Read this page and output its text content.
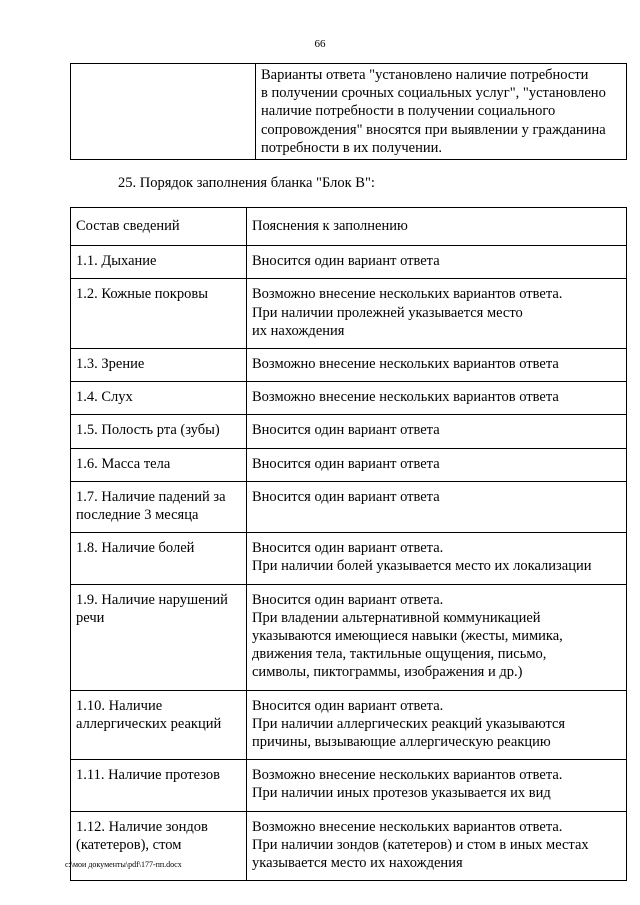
66

Варианты ответа "установлено наличие потребности
в получении срочных социальных услуг", "установлено
наличие потребности в получении социального
сопровождения" вносятся при выявлении у гражданина
потребности в их получении.
25. Порядок заполнения бланка "Блок В":
Состав сведений	Пояснения к заполнению

1.1. Дыхание	Вносится один вариант ответа

1.2. Кожные покровы	Возможно внесение нескольких вариантов ответа.
При наличии пролежней указывается место
их нахождения

1.3. Зрение	Возможно внесение нескольких вариантов ответа

1.4. Слух	Возможно внесение нескольких вариантов ответа

1.5. Полость рта (зубы)	Вносится один вариант ответа

1.6. Масса тела	Вносится один вариант ответа

1.7. Наличие падений за
последние 3 месяца	Вносится один вариант ответа

1.8. Наличие болей	Вносится один вариант ответа.
При наличии болей указывается место их локализации

1.9. Наличие нарушений
речи	Вносится один вариант ответа.
При владении альтернативной коммуникацией
указываются имеющиеся навыки (жесты, мимика,
движения тела, тактильные ощущения, письмо,
символы, пиктограммы, изображения и др.)

1.10. Наличие
аллергических реакций	Вносится один вариант ответа.
При наличии аллергических реакций указываются
причины, вызывающие аллергическую реакцию

1.11. Наличие протезов	Возможно внесение нескольких вариантов ответа.
При наличии иных протезов указывается их вид

1.12. Наличие зондов
(катетеров), стом	Возможно внесение нескольких вариантов ответа.
При наличии зондов (катетеров) и стом в иных местах
указывается место их нахождения
c:\мои документы\pdf\177-пп.docx
